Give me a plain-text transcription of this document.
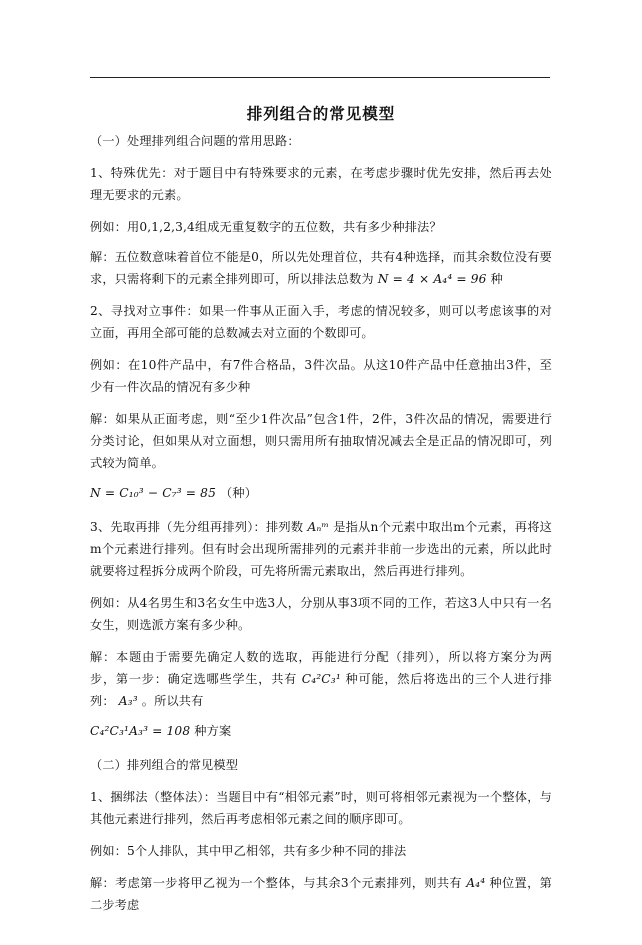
排列组合的常见模型

（一）处理排列组合问题的常用思路：

1、特殊优先：对于题目中有特殊要求的元素，在考虑步骤时优先安排，然后再去处理无要求的元素。

例如：用0,1,2,3,4组成无重复数字的五位数，共有多少种排法？

解：五位数意味着首位不能是0，所以先处理首位，共有4种选择，而其余数位没有要求，只需将剩下的元素全排列即可，所以排法总数为 N = 4 × A₄⁴ = 96 种

2、寻找对立事件：如果一件事从正面入手，考虑的情况较多，则可以考虑该事的对立面，再用全部可能的总数减去对立面的个数即可。

例如：在10件产品中，有7件合格品，3件次品。从这10件产品中任意抽出3件，至少有一件次品的情况有多少种

解：如果从正面考虑，则“至少1件次品”包含1件，2件，3件次品的情况，需要进行分类讨论，但如果从对立面想，则只需用所有抽取情况减去全是正品的情况即可，列式较为简单。

N = C₁₀³ − C₇³ = 85 （种）

3、先取再排（先分组再排列）：排列数 Aₙᵐ 是指从n个元素中取出m个元素，再将这m个元素进行排列。但有时会出现所需排列的元素并非前一步选出的元素，所以此时就要将过程拆分成两个阶段，可先将所需元素取出，然后再进行排列。

例如：从4名男生和3名女生中选3人，分别从事3项不同的工作，若这3人中只有一名女生，则选派方案有多少种。

解：本题由于需要先确定人数的选取，再能进行分配（排列），所以将方案分为两步，第一步：确定选哪些学生，共有 C₄²C₃¹ 种可能，然后将选出的三个人进行排列： A₃³ 。所以共有

C₄²C₃¹A₃³ = 108 种方案

（二）排列组合的常见模型

1、捆绑法（整体法）：当题目中有“相邻元素”时，则可将相邻元素视为一个整体，与其他元素进行排列，然后再考虑相邻元素之间的顺序即可。

例如：5个人排队，其中甲乙相邻，共有多少种不同的排法

解：考虑第一步将甲乙视为一个整体，与其余3个元素排列，则共有 A₄⁴ 种位置，第二步考虑
